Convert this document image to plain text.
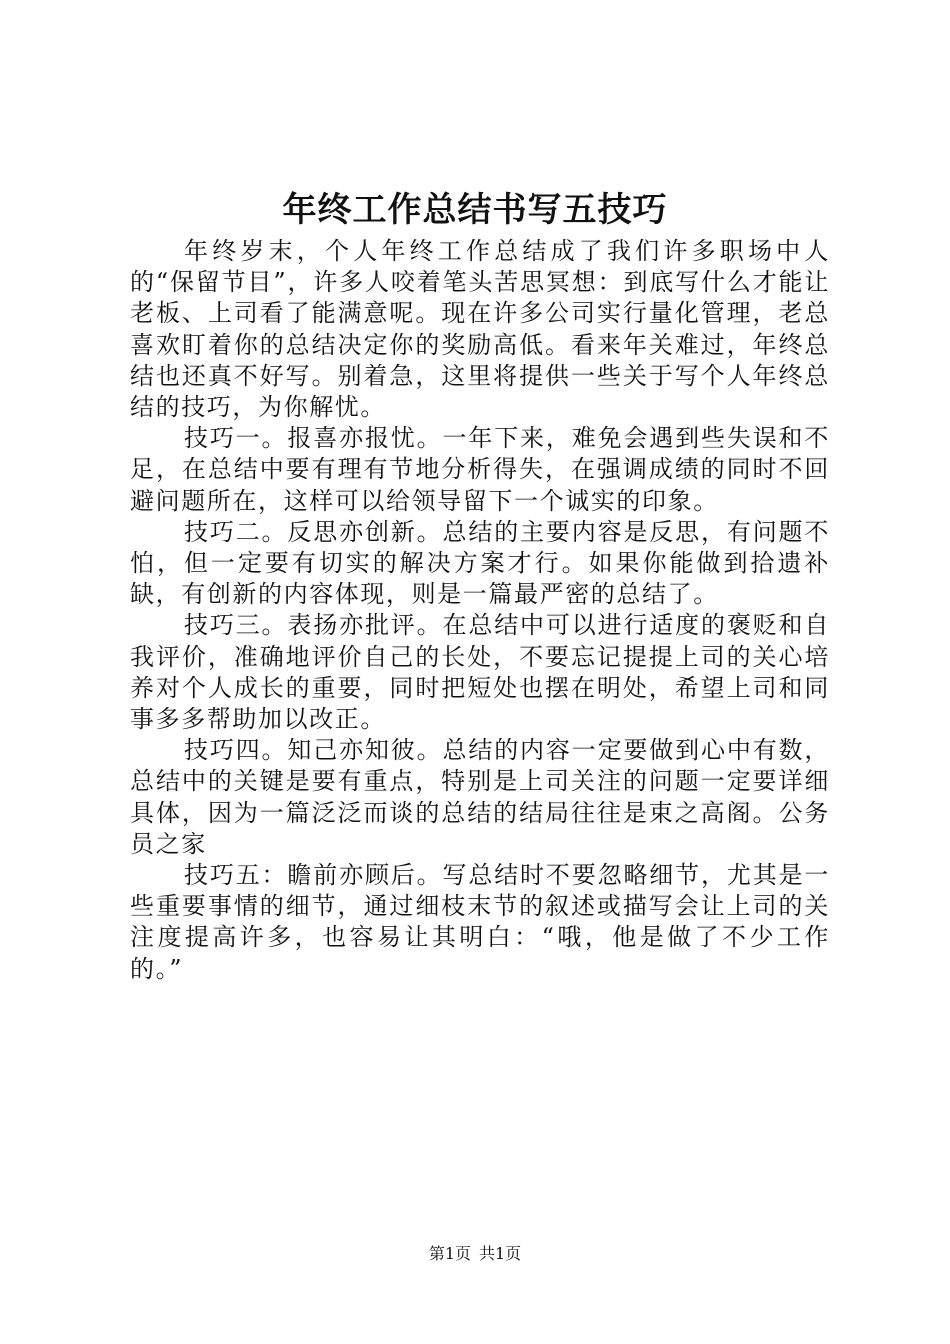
年终工作总结书写五技巧

年终岁末，个人年终工作总结成了我们许多职场中人的“保留节目”，许多人咬着笔头苦思冥想：到底写什么才能让老板、上司看了能满意呢。现在许多公司实行量化管理，老总喜欢盯着你的总结决定你的奖励高低。看来年关难过，年终总结也还真不好写。别着急，这里将提供一些关于写个人年终总结的技巧，为你解忧。

技巧一。报喜亦报忧。一年下来，难免会遇到些失误和不足，在总结中要有理有节地分析得失，在强调成绩的同时不回避问题所在，这样可以给领导留下一个诚实的印象。

技巧二。反思亦创新。总结的主要内容是反思，有问题不怕，但一定要有切实的解决方案才行。如果你能做到拾遗补缺，有创新的内容体现，则是一篇最严密的总结了。

技巧三。表扬亦批评。在总结中可以进行适度的褒贬和自我评价，准确地评价自己的长处，不要忘记提提上司的关心培养对个人成长的重要，同时把短处也摆在明处，希望上司和同事多多帮助加以改正。

技巧四。知己亦知彼。总结的内容一定要做到心中有数，总结中的关键是要有重点，特别是上司关注的问题一定要详细具体，因为一篇泛泛而谈的总结的结局往往是束之高阁。公务员之家

技巧五：瞻前亦顾后。写总结时不要忽略细节，尤其是一些重要事情的细节，通过细枝末节的叙述或描写会让上司的关注度提高许多，也容易让其明白：“哦，他是做了不少工作的。”

第1页 共1页
